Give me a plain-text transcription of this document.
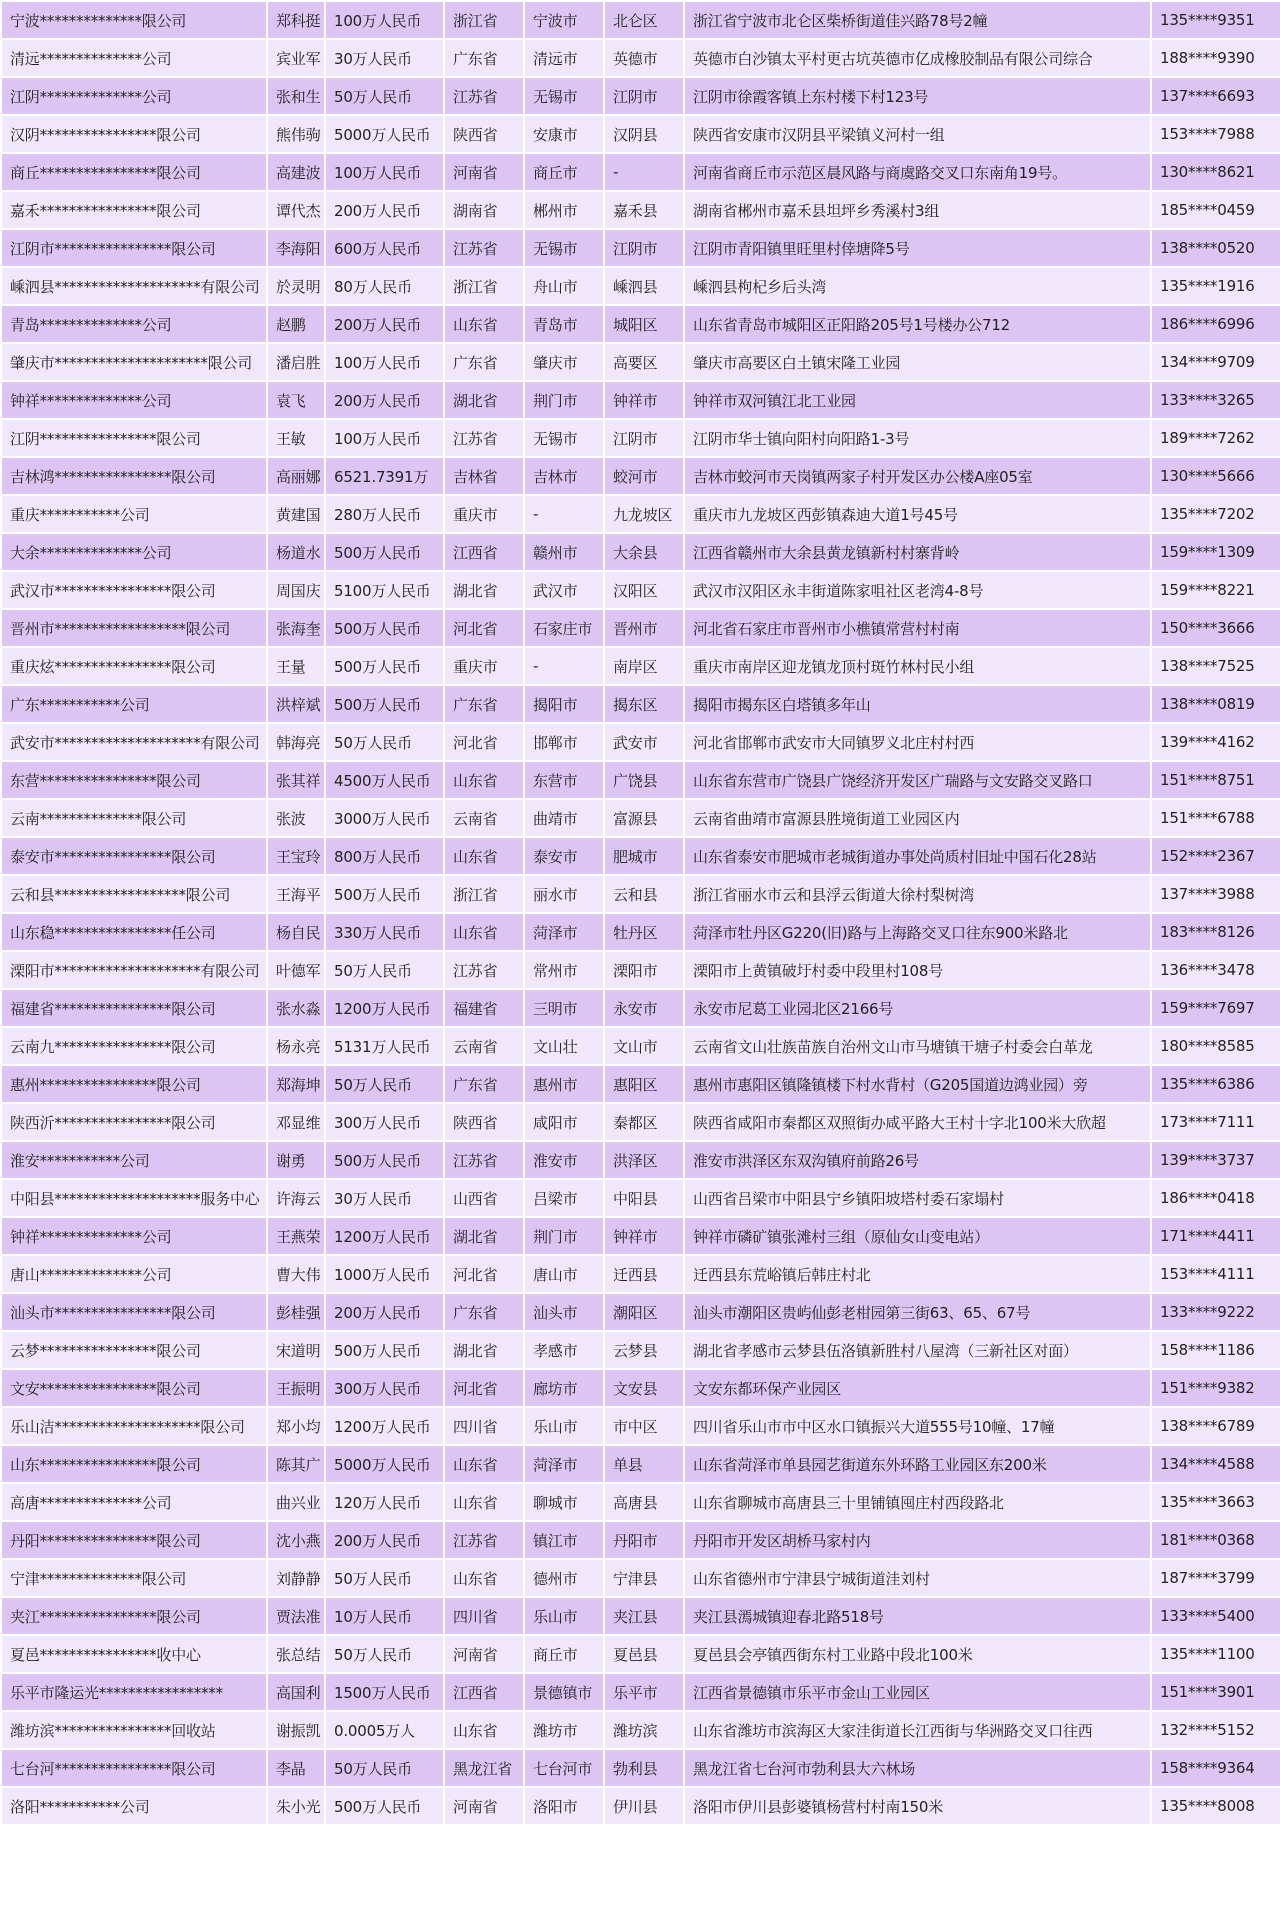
宁波**************限公司	郑科挺	100万人民币	浙江省	宁波市	北仑区	浙江省宁波市北仑区柴桥街道佳兴路78号2幢	135****9351
清远**************公司	宾业军	30万人民币	广东省	清远市	英德市	英德市白沙镇太平村更古坑英德市亿成橡胶制品有限公司综合	188****9390
江阴**************公司	张和生	50万人民币	江苏省	无锡市	江阴市	江阴市徐霞客镇上东村楼下村123号	137****6693
汉阴****************限公司	熊伟驹	5000万人民币	陕西省	安康市	汉阴县	陕西省安康市汉阴县平梁镇义河村一组	153****7988
商丘****************限公司	高建波	100万人民币	河南省	商丘市	-	河南省商丘市示范区晨风路与商虞路交叉口东南角19号。	130****8621
嘉禾****************限公司	谭代杰	200万人民币	湖南省	郴州市	嘉禾县	湖南省郴州市嘉禾县坦坪乡秀溪村3组	185****0459
江阴市****************限公司	李海阳	600万人民币	江苏省	无锡市	江阴市	江阴市青阳镇里旺里村倖塘降5号	138****0520
嵊泗县********************有限公司	於灵明	80万人民币	浙江省	舟山市	嵊泗县	嵊泗县枸杞乡后头湾	135****1916
青岛**************公司	赵鹏	200万人民币	山东省	青岛市	城阳区	山东省青岛市城阳区正阳路205号1号楼办公712	186****6996
肇庆市*********************限公司	潘启胜	100万人民币	广东省	肇庆市	高要区	肇庆市高要区白土镇宋隆工业园	134****9709
钟祥**************公司	袁飞	200万人民币	湖北省	荆门市	钟祥市	钟祥市双河镇江北工业园	133****3265
江阴****************限公司	王敏	100万人民币	江苏省	无锡市	江阴市	江阴市华士镇向阳村向阳路1-3号	189****7262
吉林鸿****************限公司	高丽娜	6521.7391万	吉林省	吉林市	蛟河市	吉林市蛟河市天岗镇两家子村开发区办公楼A座05室	130****5666
重庆***********公司	黄建国	280万人民币	重庆市	-	九龙坡区	重庆市九龙坡区西彭镇森迪大道1号45号	135****7202
大余**************公司	杨道水	500万人民币	江西省	赣州市	大余县	江西省赣州市大余县黄龙镇新村村寨背岭	159****1309
武汉市****************限公司	周国庆	5100万人民币	湖北省	武汉市	汉阳区	武汉市汉阳区永丰街道陈家咀社区老湾4-8号	159****8221
晋州市******************限公司	张海奎	500万人民币	河北省	石家庄市	晋州市	河北省石家庄市晋州市小樵镇常营村村南	150****3666
重庆炫****************限公司	王量	500万人民币	重庆市	-	南岸区	重庆市南岸区迎龙镇龙顶村斑竹林村民小组	138****7525
广东***********公司	洪梓斌	500万人民币	广东省	揭阳市	揭东区	揭阳市揭东区白塔镇多年山	138****0819
武安市********************有限公司	韩海亮	50万人民币	河北省	邯郸市	武安市	河北省邯郸市武安市大同镇罗义北庄村村西	139****4162
东营****************限公司	张其祥	4500万人民币	山东省	东营市	广饶县	山东省东营市广饶县广饶经济开发区广瑞路与文安路交叉路口	151****8751
云南**************限公司	张波	3000万人民币	云南省	曲靖市	富源县	云南省曲靖市富源县胜境街道工业园区内	151****6788
泰安市****************限公司	王宝玲	800万人民币	山东省	泰安市	肥城市	山东省泰安市肥城市老城街道办事处尚质村旧址中国石化28站	152****2367
云和县******************限公司	王海平	500万人民币	浙江省	丽水市	云和县	浙江省丽水市云和县浮云街道大徐村梨树湾	137****3988
山东稳****************任公司	杨自民	330万人民币	山东省	菏泽市	牡丹区	菏泽市牡丹区G220(旧)路与上海路交叉口往东900米路北	183****8126
溧阳市********************有限公司	叶德军	50万人民币	江苏省	常州市	溧阳市	溧阳市上黄镇破圩村委中段里村108号	136****3478
福建省****************限公司	张水淼	1200万人民币	福建省	三明市	永安市	永安市尼葛工业园北区2166号	159****7697
云南九****************限公司	杨永亮	5131万人民币	云南省	文山壮	文山市	云南省文山壮族苗族自治州文山市马塘镇干塘子村委会白革龙	180****8585
惠州****************限公司	郑海坤	50万人民币	广东省	惠州市	惠阳区	惠州市惠阳区镇隆镇楼下村水背村（G205国道边鸿业园）旁	135****6386
陕西沂****************限公司	邓显维	300万人民币	陕西省	咸阳市	秦都区	陕西省咸阳市秦都区双照街办咸平路大王村十字北100米大欣超	173****7111
淮安***********公司	谢勇	500万人民币	江苏省	淮安市	洪泽区	淮安市洪泽区东双沟镇府前路26号	139****3737
中阳县********************服务中心	许海云	30万人民币	山西省	吕梁市	中阳县	山西省吕梁市中阳县宁乡镇阳坡塔村委石家塌村	186****0418
钟祥**************公司	王燕荣	1200万人民币	湖北省	荆门市	钟祥市	钟祥市磷矿镇张滩村三组（原仙女山变电站）	171****4411
唐山**************公司	曹大伟	1000万人民币	河北省	唐山市	迁西县	迁西县东荒峪镇后韩庄村北	153****4111
汕头市****************限公司	彭桂强	200万人民币	广东省	汕头市	潮阳区	汕头市潮阳区贵屿仙彭老柑园第三街63、65、67号	133****9222
云梦****************限公司	宋道明	500万人民币	湖北省	孝感市	云梦县	湖北省孝感市云梦县伍洛镇新胜村八屋湾（三新社区对面）	158****1186
文安****************限公司	王振明	300万人民币	河北省	廊坊市	文安县	文安东都环保产业园区	151****9382
乐山洁********************限公司	郑小均	1200万人民币	四川省	乐山市	市中区	四川省乐山市市中区水口镇振兴大道555号10幢、17幢	138****6789
山东****************限公司	陈其广	5000万人民币	山东省	菏泽市	单县	山东省菏泽市单县园艺街道东外环路工业园区东200米	134****4588
高唐**************公司	曲兴业	120万人民币	山东省	聊城市	高唐县	山东省聊城市高唐县三十里铺镇囤庄村西段路北	135****3663
丹阳****************限公司	沈小燕	200万人民币	江苏省	镇江市	丹阳市	丹阳市开发区胡桥马家村内	181****0368
宁津**************限公司	刘静静	50万人民币	山东省	德州市	宁津县	山东省德州市宁津县宁城街道洼刘村	187****3799
夹江****************限公司	贾法准	10万人民币	四川省	乐山市	夹江县	夹江县漹城镇迎春北路518号	133****5400
夏邑****************收中心	张总结	50万人民币	河南省	商丘市	夏邑县	夏邑县会亭镇西街东村工业路中段北100米	135****1100
乐平市隆运光*****************	高国利	1500万人民币	江西省	景德镇市	乐平市	江西省景德镇市乐平市金山工业园区	151****3901
潍坊滨****************回收站	谢振凯	0.0005万人	山东省	潍坊市	潍坊滨	山东省潍坊市滨海区大家洼街道长江西街与华洲路交叉口往西	132****5152
七台河****************限公司	李晶	50万人民币	黑龙江省	七台河市	勃利县	黑龙江省七台河市勃利县大六林场	158****9364
洛阳***********公司	朱小光	500万人民币	河南省	洛阳市	伊川县	洛阳市伊川县彭婆镇杨营村村南150米	135****8008
